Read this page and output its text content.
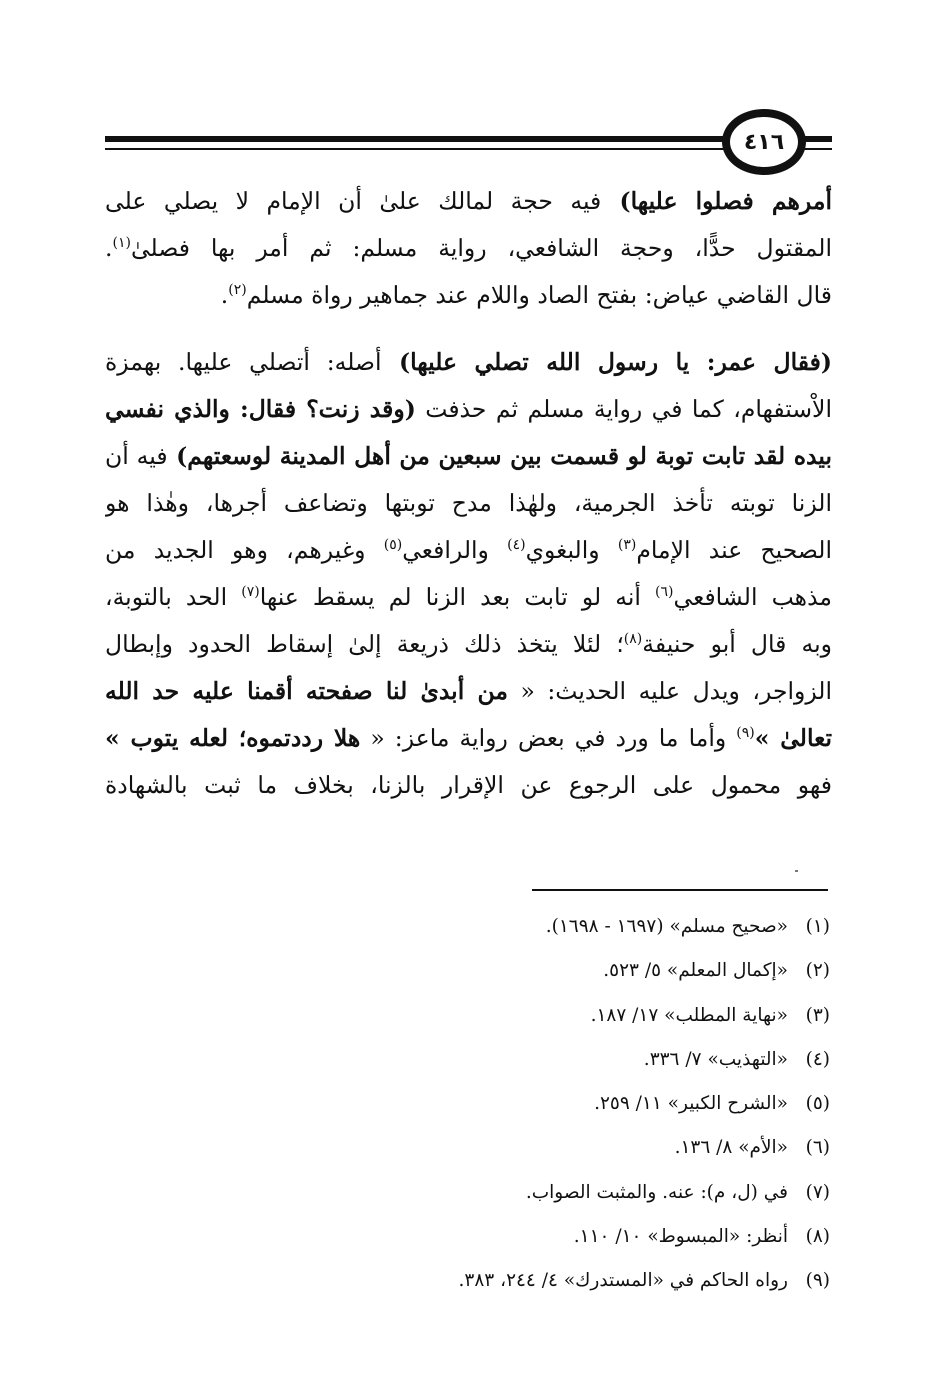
٤١٦
أمرهم فصلوا عليها) فيه حجة لمالك علىٰ أن الإمام لا يصلي على
المقتول حدًّا، وحجة الشافعي، رواية مسلم: ثم أمر بها فصلىٰ$^{(١)}$.
قال القاضي عياض: بفتح الصاد واللام عند جماهير رواة مسلم$^{(٢)}$.
(فقال عمر: يا رسول الله تصلي عليها) أصله: أتصلي عليها. بهمزة
الاْستفهام، كما في رواية مسلم ثم حذفت (وقد زنت؟ فقال: والذي نفسي
بيده لقد تابت توبة لو قسمت بين سبعين من أهل المدينة لوسعتهم) فيه أن
الزنا توبته تأخذ الجرمية، ولهٰذا مدح توبتها وتضاعف أجرها، وهٰذا هو
الصحيح عند الإمام$^{(٣)}$ والبغوي$^{(٤)}$ والرافعي$^{(٥)}$ وغيرهم، وهو الجديد من
مذهب الشافعي$^{(٦)}$ أنه لو تابت بعد الزنا لم يسقط عنها$^{(٧)}$ الحد بالتوبة،
وبه قال أبو حنيفة$^{(٨)}$؛ لئلا يتخذ ذلك ذريعة إلىٰ إسقاط الحدود وإبطال
الزواجر، ويدل عليه الحديث: « من أبدىٰ لنا صفحته أقمنا عليه حد الله
تعالىٰ »$^{(٩)}$ وأما ما ورد في بعض رواية ماعز: « هلا رددتموه؛ لعله يتوب »
فهو محمول على الرجوع عن الإقرار بالزنا، بخلاف ما ثبت بالشهادة
(١)«صحيح مسلم» (١٦٩٧ - ١٦٩٨).
(٢)«إكمال المعلم» ٥/ ٥٢٣.
(٣)«نهاية المطلب» ١٧/ ١٨٧.
(٤)«التهذيب» ٧/ ٣٣٦.
(٥)«الشرح الكبير» ١١/ ٢٥٩.
(٦)«الأم» ٨/ ١٣٦.
(٧)في (ل، م): عنه. والمثبت الصواب.
(٨)أنظر: «المبسوط» ١٠/ ١١٠.
(٩)رواه الحاكم في «المستدرك» ٤/ ٢٤٤، ٣٨٣.
